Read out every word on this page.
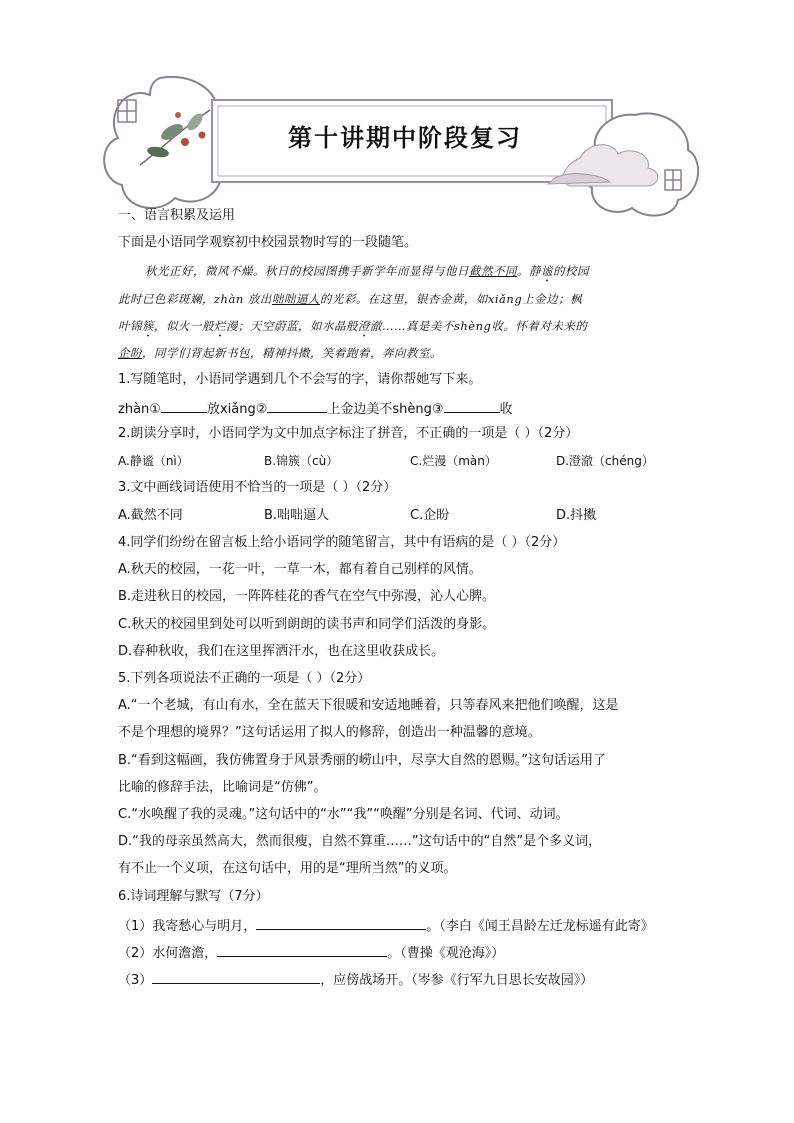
第十讲期中阶段复习
一、语言积累及运用
下面是小语同学观察初中校园景物时写的一段随笔。
秋光正好，微风不燥。秋日的校园图携手新学年而显得与他日截然不同。静谧的校园
此时已色彩斑斓，zhàn 放出咄咄逼人的光彩。在这里，银杏金黄，如xiǎng上金边；枫
叶锦簇，似火一般烂漫；天空蔚蓝，如水晶般澄澈……真是美不shèng收。怀着对未来的
企盼，同学们背起新书包，精神抖擞，笑着跑着，奔向教室。
1.写随笔时，小语同学遇到几个不会写的字，请你帮她写下来。
zhàn①	放xiǎng②	上金边美不shèng③	收
2.朗读分享时，小语同学为文中加点字标注了拼音，不正确的一项是（ ）（2分）
A.静谧（nì）	B.锦簇（cù）	C.烂漫（màn）	D.澄澈（chéng）
3.文中画线词语使用不恰当的一项是（ ）（2分）
A.截然不同	B.咄咄逼人	C.企盼	D.抖擞
4.同学们纷纷在留言板上给小语同学的随笔留言，其中有语病的是（ ）（2分）
A.秋天的校园，一花一叶，一草一木，都有着自己别样的风情。
B.走进秋日的校园，一阵阵桂花的香气在空气中弥漫，沁人心脾。
C.秋天的校园里到处可以听到朗朗的读书声和同学们活泼的身影。
D.春种秋收，我们在这里挥洒汗水，也在这里收获成长。
5.下列各项说法不正确的一项是（ ）（2分）
A.“一个老城，有山有水，全在蓝天下很暖和安适地睡着，只等春风来把他们唤醒，这是
不是个理想的境界？”这句话运用了拟人的修辞，创造出一种温馨的意境。
B.“看到这幅画，我仿佛置身于风景秀丽的崂山中，尽享大自然的恩赐。”这句话运用了
比喻的修辞手法，比喻词是“仿佛”。
C.“水唤醒了我的灵魂。”这句话中的“水”“我”“唤醒”分别是名词、代词、动词。
D.“我的母亲虽然高大，然而很瘦，自然不算重……”这句话中的“自然”是个多义词，
有不止一个义项，在这句话中，用的是“理所当然”的义项。
6.诗词理解与默写（7分）
（1）我寄愁心与明月，	。（李白《闻王昌龄左迁龙标遥有此寄》
（2）水何澹澹，	。（曹操《观沧海》）
（3）	，应傍战场开。（岑参《行军九日思长安故园》）
